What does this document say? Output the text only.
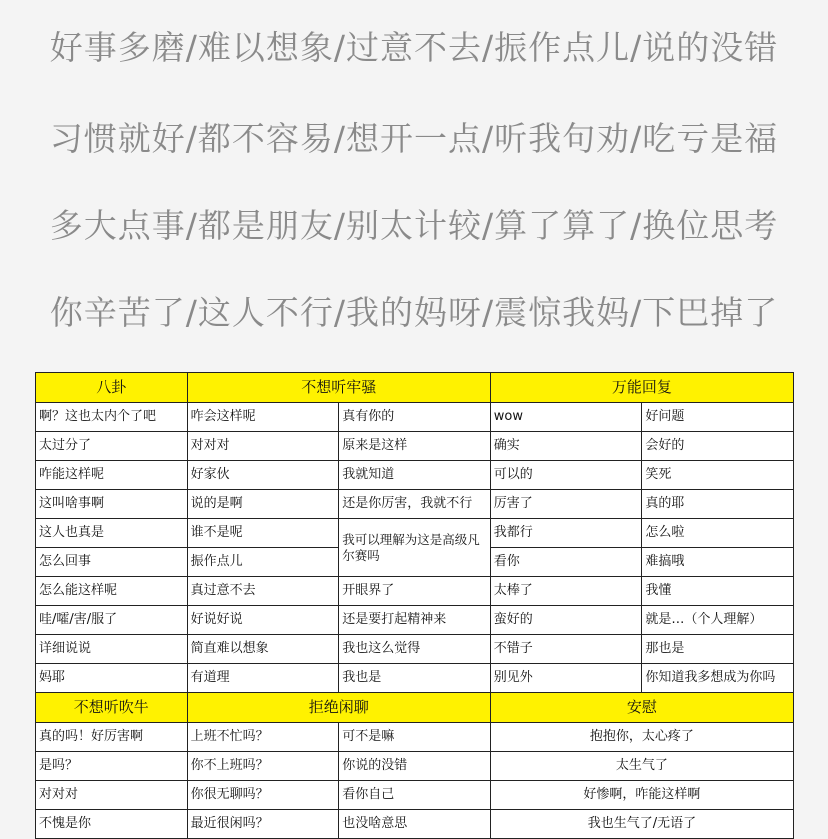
好事多磨/难以想象/过意不去/振作点儿/说的没错
习惯就好/都不容易/想开一点/听我句劝/吃亏是福
多大点事/都是朋友/别太计较/算了算了/换位思考
你辛苦了/这人不行/我的妈呀/震惊我妈/下巴掉了
八卦	不想听牢骚		万能回复	
啊？这也太内个了吧	咋会这样呢	真有你的	wow	好问题
太过分了	对对对	原来是这样	确实	会好的
咋能这样呢	好家伙	我就知道	可以的	笑死
这叫啥事啊	说的是啊	还是你厉害，我就不行	厉害了	真的耶
这人也真是	谁不是呢	我可以理解为这是高级凡尔赛吗	我都行	怎么啦
怎么回事	振作点儿		看你	难搞哦
怎么能这样呢	真过意不去	开眼界了	太棒了	我懂
哇/嚯/害/服了	好说好说	还是要打起精神来	蛮好的	就是…（个人理解）
详细说说	简直难以想象	我也这么觉得	不错子	那也是
妈耶	有道理	我也是	别见外	你知道我多想成为你吗
不想听吹牛	拒绝闲聊		安慰	
真的吗！好厉害啊	上班不忙吗？	可不是嘛	抱抱你，太心疼了	
是吗？	你不上班吗？	你说的没错	太生气了	
对对对	你很无聊吗？	看你自己	好惨啊，咋能这样啊	
不愧是你	最近很闲吗？	也没啥意思	我也生气了/无语了	
